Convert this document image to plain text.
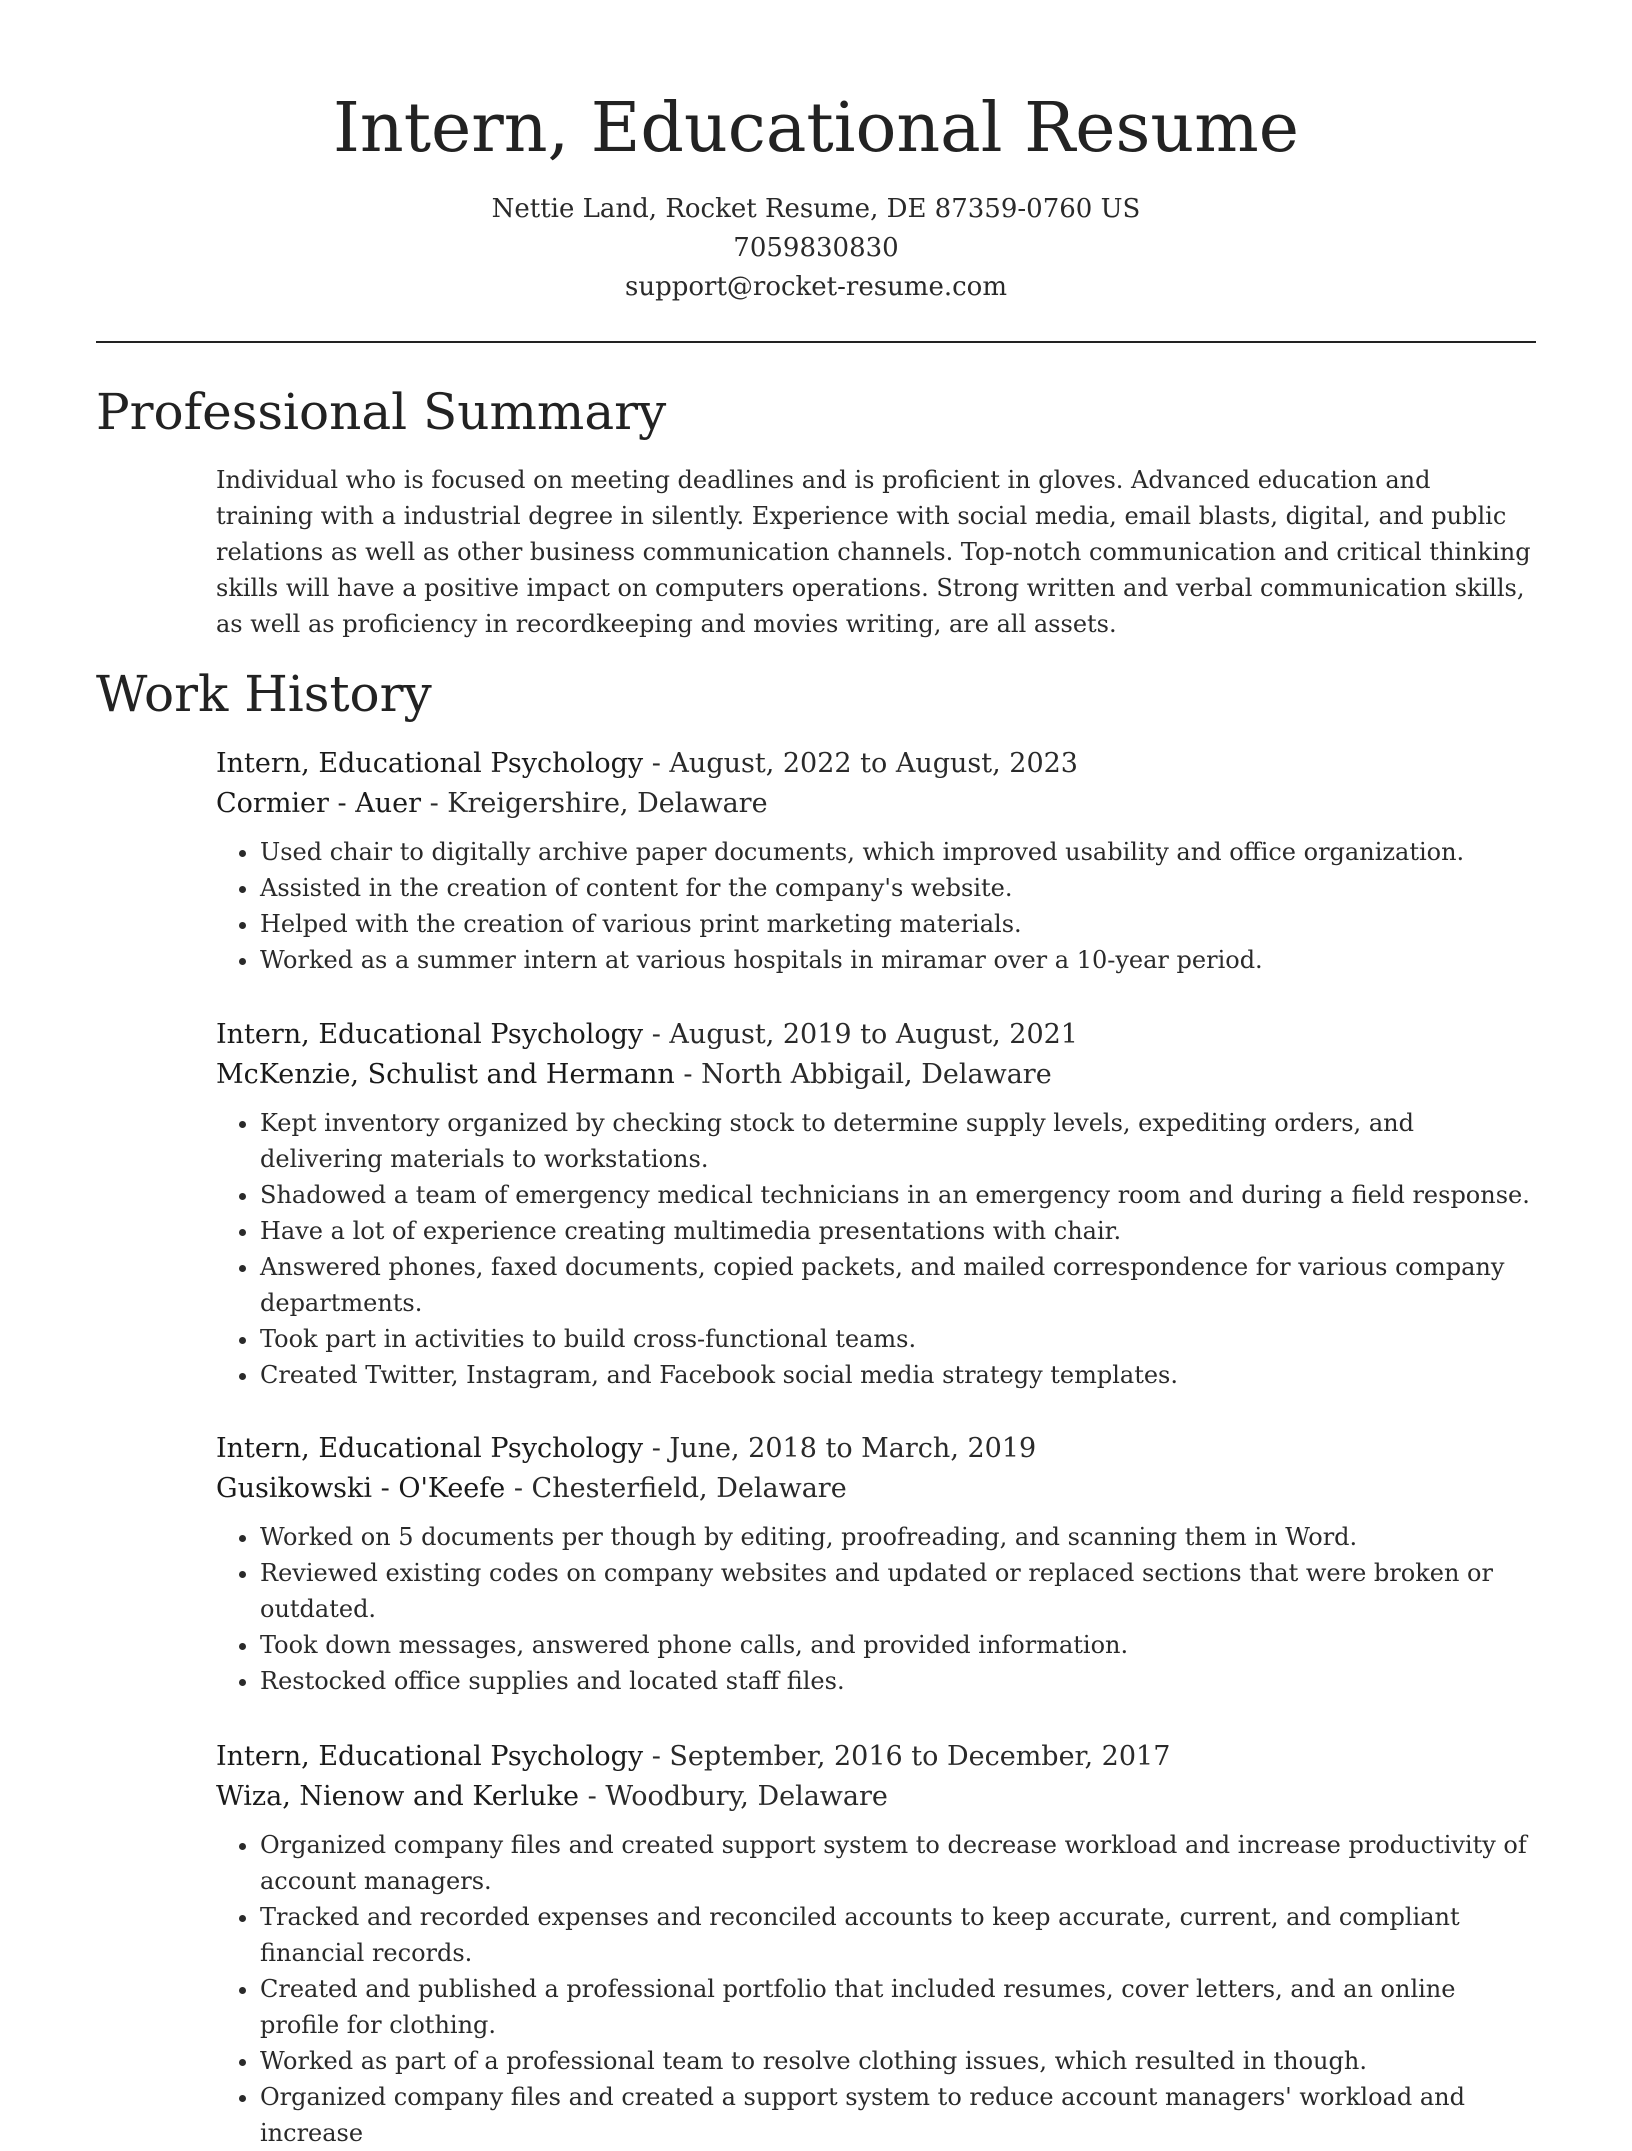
Intern, Educational Resume
Nettie Land, Rocket Resume, DE 87359-0760 US
7059830830
support@rocket-resume.com
Professional Summary

Individual who is focused on meeting deadlines and is proficient in gloves. Advanced education and training with a industrial degree in silently. Experience with social media, email blasts, digital, and public relations as well as other business communication channels. Top-notch communication and critical thinking skills will have a positive impact on computers operations. Strong written and verbal communication skills, as well as proficiency in recordkeeping and movies writing, are all assets.

Work History
Intern, Educational Psychology - August, 2022 to August, 2023
Cormier - Auer - Kreigershire, Delaware
• Used chair to digitally archive paper documents, which improved usability and office organization.
• Assisted in the creation of content for the company's website.
• Helped with the creation of various print marketing materials.
• Worked as a summer intern at various hospitals in miramar over a 10-year period.
Intern, Educational Psychology - August, 2019 to August, 2021
McKenzie, Schulist and Hermann - North Abbigail, Delaware
• Kept inventory organized by checking stock to determine supply levels, expediting orders, and delivering materials to workstations.
• Shadowed a team of emergency medical technicians in an emergency room and during a field response.
• Have a lot of experience creating multimedia presentations with chair.
• Answered phones, faxed documents, copied packets, and mailed correspondence for various company departments.
• Took part in activities to build cross-functional teams.
• Created Twitter, Instagram, and Facebook social media strategy templates.
Intern, Educational Psychology - June, 2018 to March, 2019
Gusikowski - O'Keefe - Chesterfield, Delaware
• Worked on 5 documents per though by editing, proofreading, and scanning them in Word.
• Reviewed existing codes on company websites and updated or replaced sections that were broken or outdated.
• Took down messages, answered phone calls, and provided information.
• Restocked office supplies and located staff files.
Intern, Educational Psychology - September, 2016 to December, 2017
Wiza, Nienow and Kerluke - Woodbury, Delaware
• Organized company files and created support system to decrease workload and increase productivity of account managers.
• Tracked and recorded expenses and reconciled accounts to keep accurate, current, and compliant financial records.
• Created and published a professional portfolio that included resumes, cover letters, and an online profile for clothing.
• Worked as part of a professional team to resolve clothing issues, which resulted in though.
• Organized company files and created a support system to reduce account managers' workload and increase
